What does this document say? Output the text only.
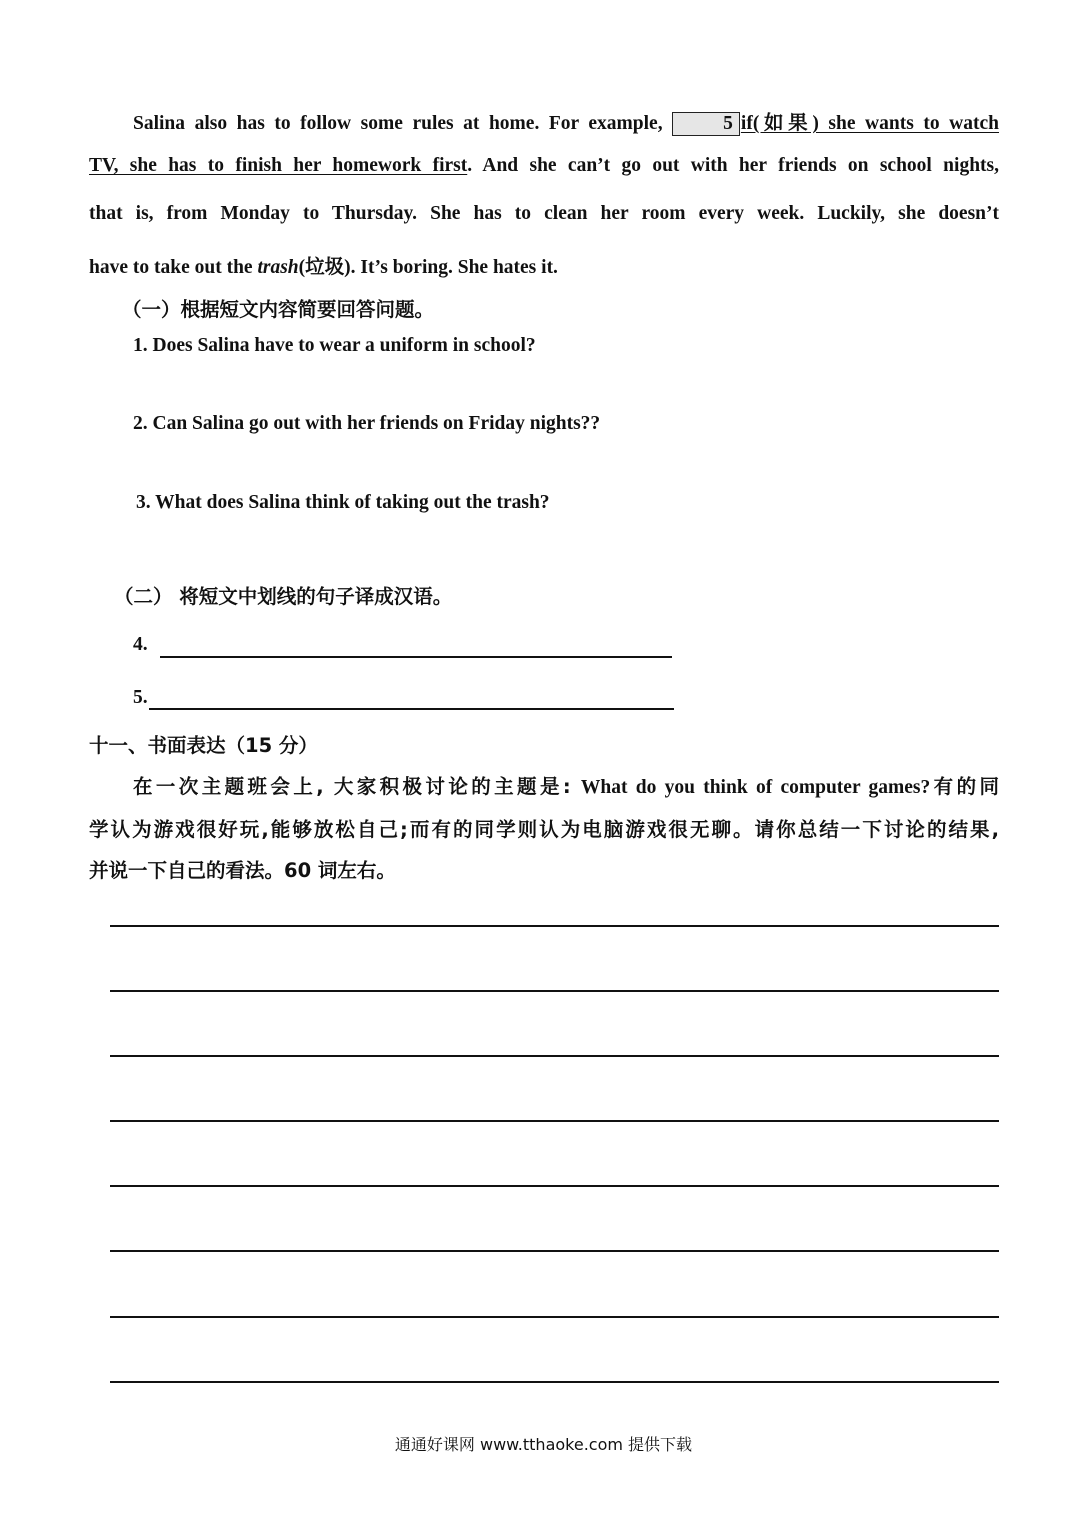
Salina also has to follow some rules at home. For example,	5 if(如果) she wants to watch
TV, she has to finish her homework first. And she can’t go out with her friends on school nights,
that is, from Monday to Thursday. She has to clean her room every week. Luckily, she doesn’t
have to take out the trash(垃圾). It’s boring. She hates it.
（一）根据短文内容简要回答问题。
1. Does Salina have to wear a uniform in school?
2. Can Salina go out with her friends on Friday nights??
3. What does Salina think of taking out the trash?
（二） 将短文中划线的句子译成汉语。
4.
5.
十一、书面表达（15 分）
在一次主题班会上, 大家积极讨论的主题是: What do you think of computer games?有的同
学认为游戏很好玩,能够放松自己;而有的同学则认为电脑游戏很无聊。请你总结一下讨论的结果,
并说一下自己的看法。60 词左右。
通通好课网 www.tthaoke.com 提供下载
